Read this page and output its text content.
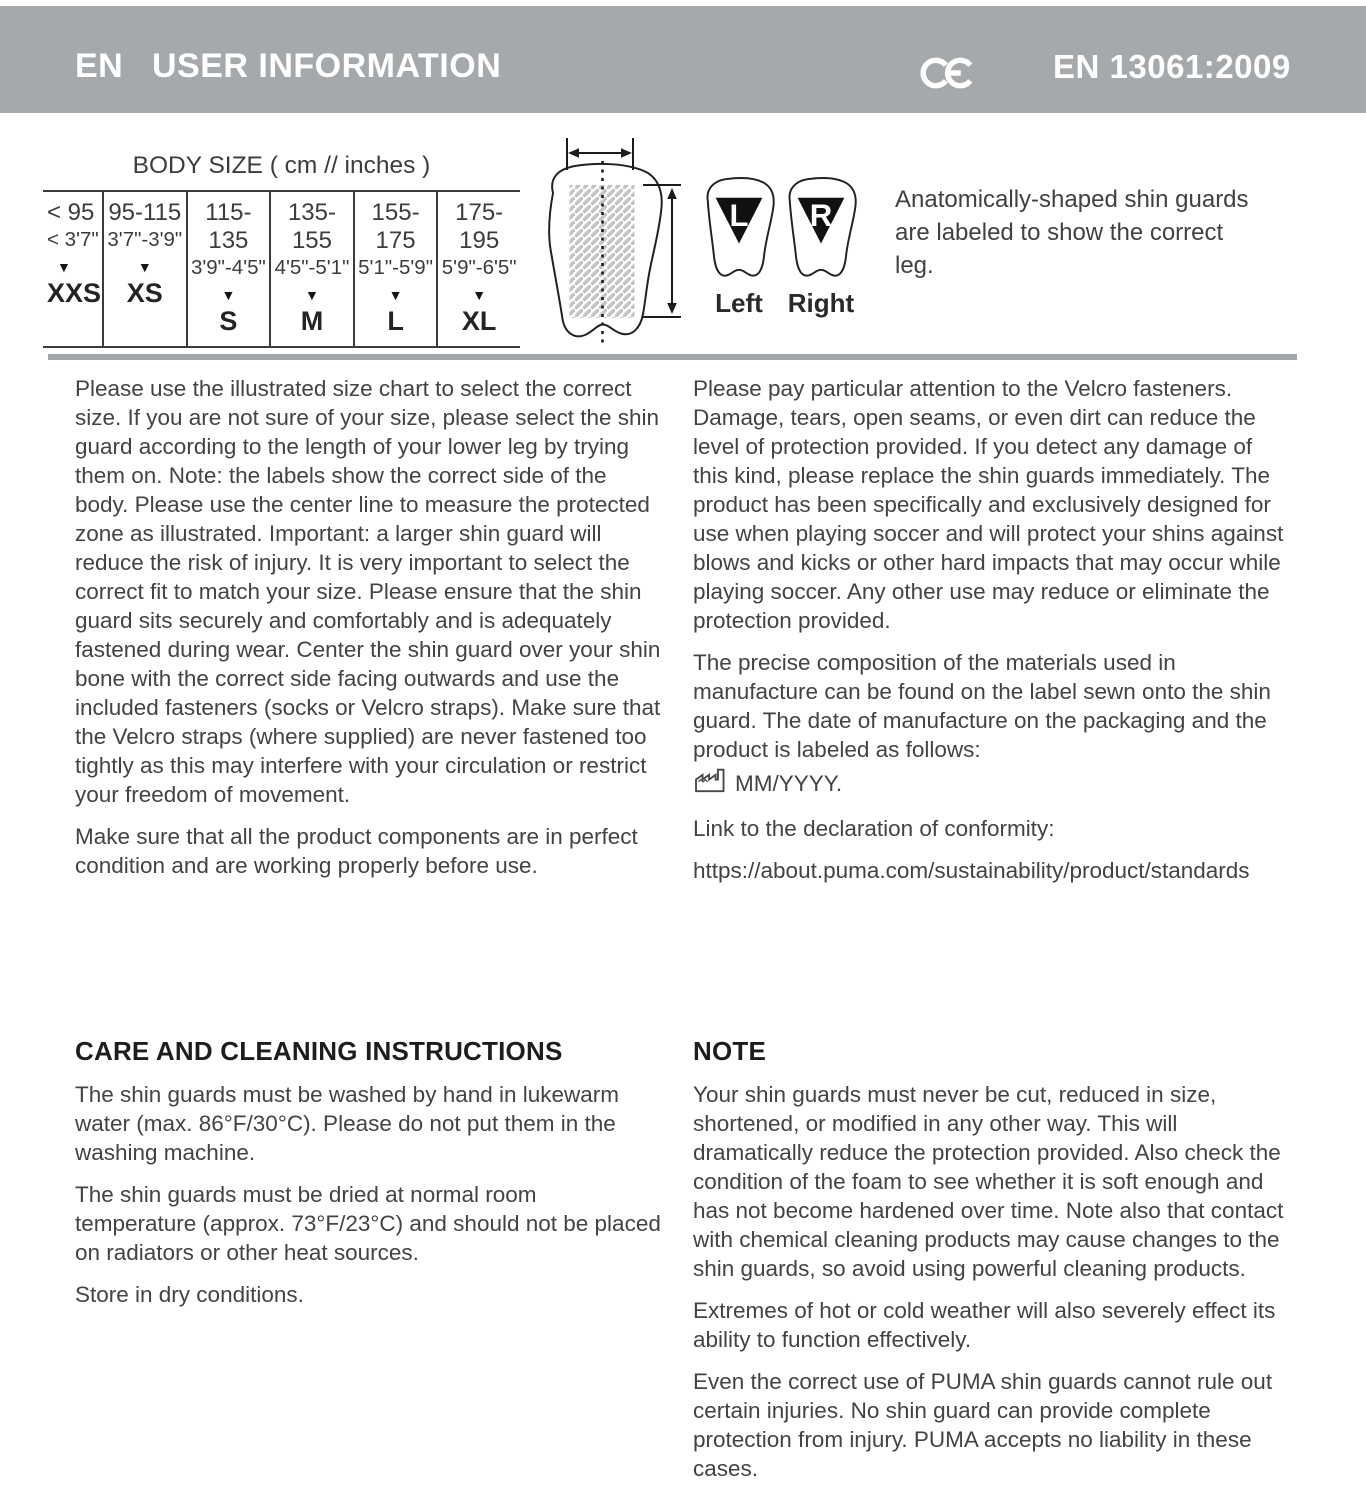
EN USER INFORMATION	EN 13061:2009
BODY SIZE ( cm // inches )
< 95
< 3'7"
▼
XXS
95-115
3'7"-3'9"
▼
XS
115-135
3'9"-4'5"
▼
S
135-155
4'5"-5'1"
▼
M
155-175
5'1"-5'9"
▼
L
175-195
5'9"-6'5"
▼
XL
L
Left
R
Right
Anatomically-shaped shin guards are labeled to show the correct leg.

Please use the illustrated size chart to select the correct size. If you are not sure of your size, please select the shin guard according to the length of your lower leg by trying them on. Note: the labels show the correct side of the body. Please use the center line to measure the protected zone as illustrated. Important: a larger shin guard will reduce the risk of injury. It is very important to select the correct fit to match your size. Please ensure that the shin guard sits securely and comfortably and is adequately fastened during wear. Center the shin guard over your shin bone with the correct side facing outwards and use the included fasteners (socks or Velcro straps). Make sure that the Velcro straps (where supplied) are never fastened too tightly as this may interfere with your circulation or restrict your freedom of movement.

Make sure that all the product components are in perfect condition and are working properly before use.

Please pay particular attention to the Velcro fasteners. Damage, tears, open seams, or even dirt can reduce the level of protection provided. If you detect any damage of this kind, please replace the shin guards immediately. The product has been specifically and exclusively designed for use when playing soccer and will protect your shins against blows and kicks or other hard impacts that may occur while playing soccer. Any other use may reduce or eliminate the protection provided.

The precise composition of the materials used in manufacture can be found on the label sewn onto the shin guard. The date of manufacture on the packaging and the product is labeled as follows:

MM/YYYY.

Link to the declaration of conformity:

https://about.puma.com/sustainability/product/standards

CARE AND CLEANING INSTRUCTIONS

The shin guards must be washed by hand in lukewarm water (max. 86°F/30°C). Please do not put them in the washing machine.

The shin guards must be dried at normal room temperature (approx. 73°F/23°C) and should not be placed on radiators or other heat sources.

Store in dry conditions.

NOTE

Your shin guards must never be cut, reduced in size, shortened, or modified in any other way. This will dramatically reduce the protection provided. Also check the condition of the foam to see whether it is soft enough and has not become hardened over time. Note also that contact with chemical cleaning products may cause changes to the shin guards, so avoid using powerful cleaning products.

Extremes of hot or cold weather will also severely effect its ability to function effectively.

Even the correct use of PUMA shin guards cannot rule out certain injuries. No shin guard can provide complete protection from injury. PUMA accepts no liability in these cases.
